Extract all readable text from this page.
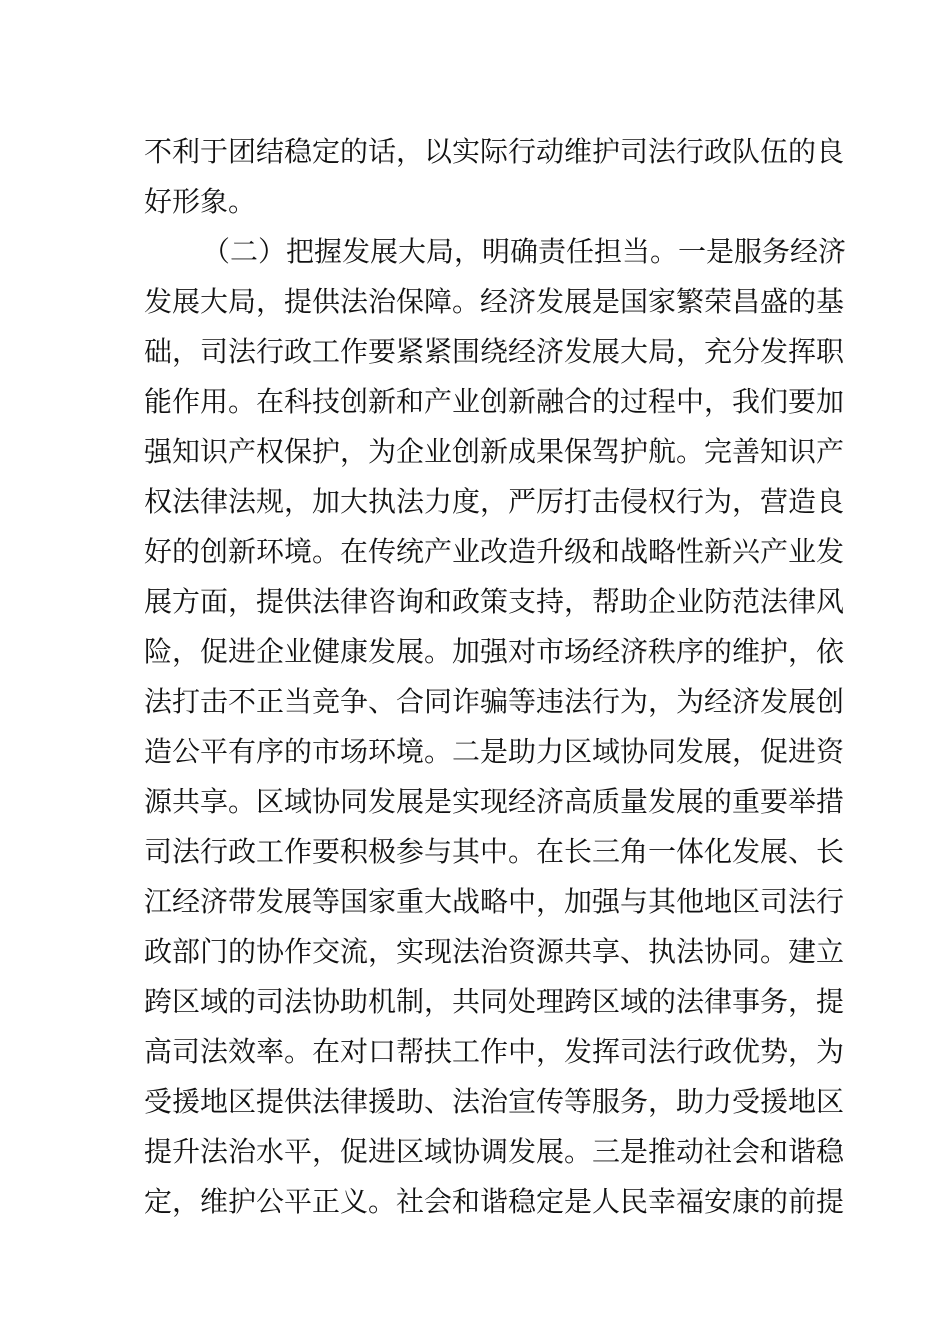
不利于团结稳定的话，以实际行动维护司法行政队伍的良
好形象。
（二）把握发展大局，明确责任担当。一是服务经济
发展大局，提供法治保障。经济发展是国家繁荣昌盛的基
础，司法行政工作要紧紧围绕经济发展大局，充分发挥职
能作用。在科技创新和产业创新融合的过程中，我们要加
强知识产权保护，为企业创新成果保驾护航。完善知识产
权法律法规，加大执法力度，严厉打击侵权行为，营造良
好的创新环境。在传统产业改造升级和战略性新兴产业发
展方面，提供法律咨询和政策支持，帮助企业防范法律风
险，促进企业健康发展。加强对市场经济秩序的维护，依
法打击不正当竞争、合同诈骗等违法行为，为经济发展创
造公平有序的市场环境。二是助力区域协同发展，促进资
源共享。区域协同发展是实现经济高质量发展的重要举措
司法行政工作要积极参与其中。在长三角一体化发展、长
江经济带发展等国家重大战略中，加强与其他地区司法行
政部门的协作交流，实现法治资源共享、执法协同。建立
跨区域的司法协助机制，共同处理跨区域的法律事务，提
高司法效率。在对口帮扶工作中，发挥司法行政优势，为
受援地区提供法律援助、法治宣传等服务，助力受援地区
提升法治水平，促进区域协调发展。三是推动社会和谐稳
定，维护公平正义。社会和谐稳定是人民幸福安康的前提
